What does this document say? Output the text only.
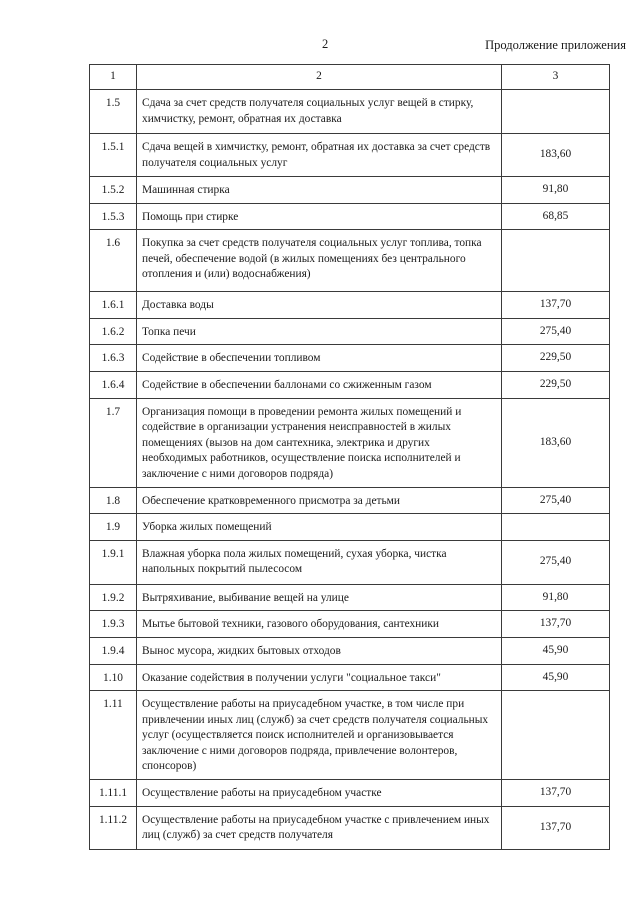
2	Продолжение приложения
1	2	3
1.5	Сдача за счет средств получателя социальных услуг вещей в стирку, химчистку, ремонт, обратная их доставка	
1.5.1	Сдача вещей в химчистку, ремонт, обратная их доставка за счет средств получателя социальных услуг	183,60
1.5.2	Машинная стирка	91,80
1.5.3	Помощь при стирке	68,85
1.6	Покупка за счет средств получателя социальных услуг топлива, топка печей, обеспечение водой (в жилых помещениях без центрального отопления и (или) водоснабжения)	
1.6.1	Доставка воды	137,70
1.6.2	Топка печи	275,40
1.6.3	Содействие в обеспечении топливом	229,50
1.6.4	Содействие в обеспечении баллонами со сжиженным газом	229,50
1.7	Организация помощи в проведении ремонта жилых помещений и содействие в организации устранения неисправностей в жилых помещениях (вызов на дом сантехника, электрика и других необходимых работников, осуществление поиска исполнителей и заключение с ними договоров подряда)	183,60
1.8	Обеспечение кратковременного присмотра за детьми	275,40
1.9	Уборка жилых помещений	
1.9.1	Влажная уборка пола жилых помещений, сухая уборка, чистка напольных покрытий пылесосом	275,40
1.9.2	Вытряхивание, выбивание вещей на улице	91,80
1.9.3	Мытье бытовой техники, газового оборудования, сантехники	137,70
1.9.4	Вынос мусора, жидких бытовых отходов	45,90
1.10	Оказание содействия в получении услуги "социальное такси"	45,90
1.11	Осуществление работы на приусадебном участке, в том числе при привлечении иных лиц (служб) за счет средств получателя социальных услуг (осуществляется поиск исполнителей и организовывается заключение с ними договоров подряда, привлечение волонтеров, спонсоров)	
1.11.1	Осуществление работы на приусадебном участке	137,70
1.11.2	Осуществление работы на приусадебном участке с привлечением иных лиц (служб) за счет средств получателя	137,70
